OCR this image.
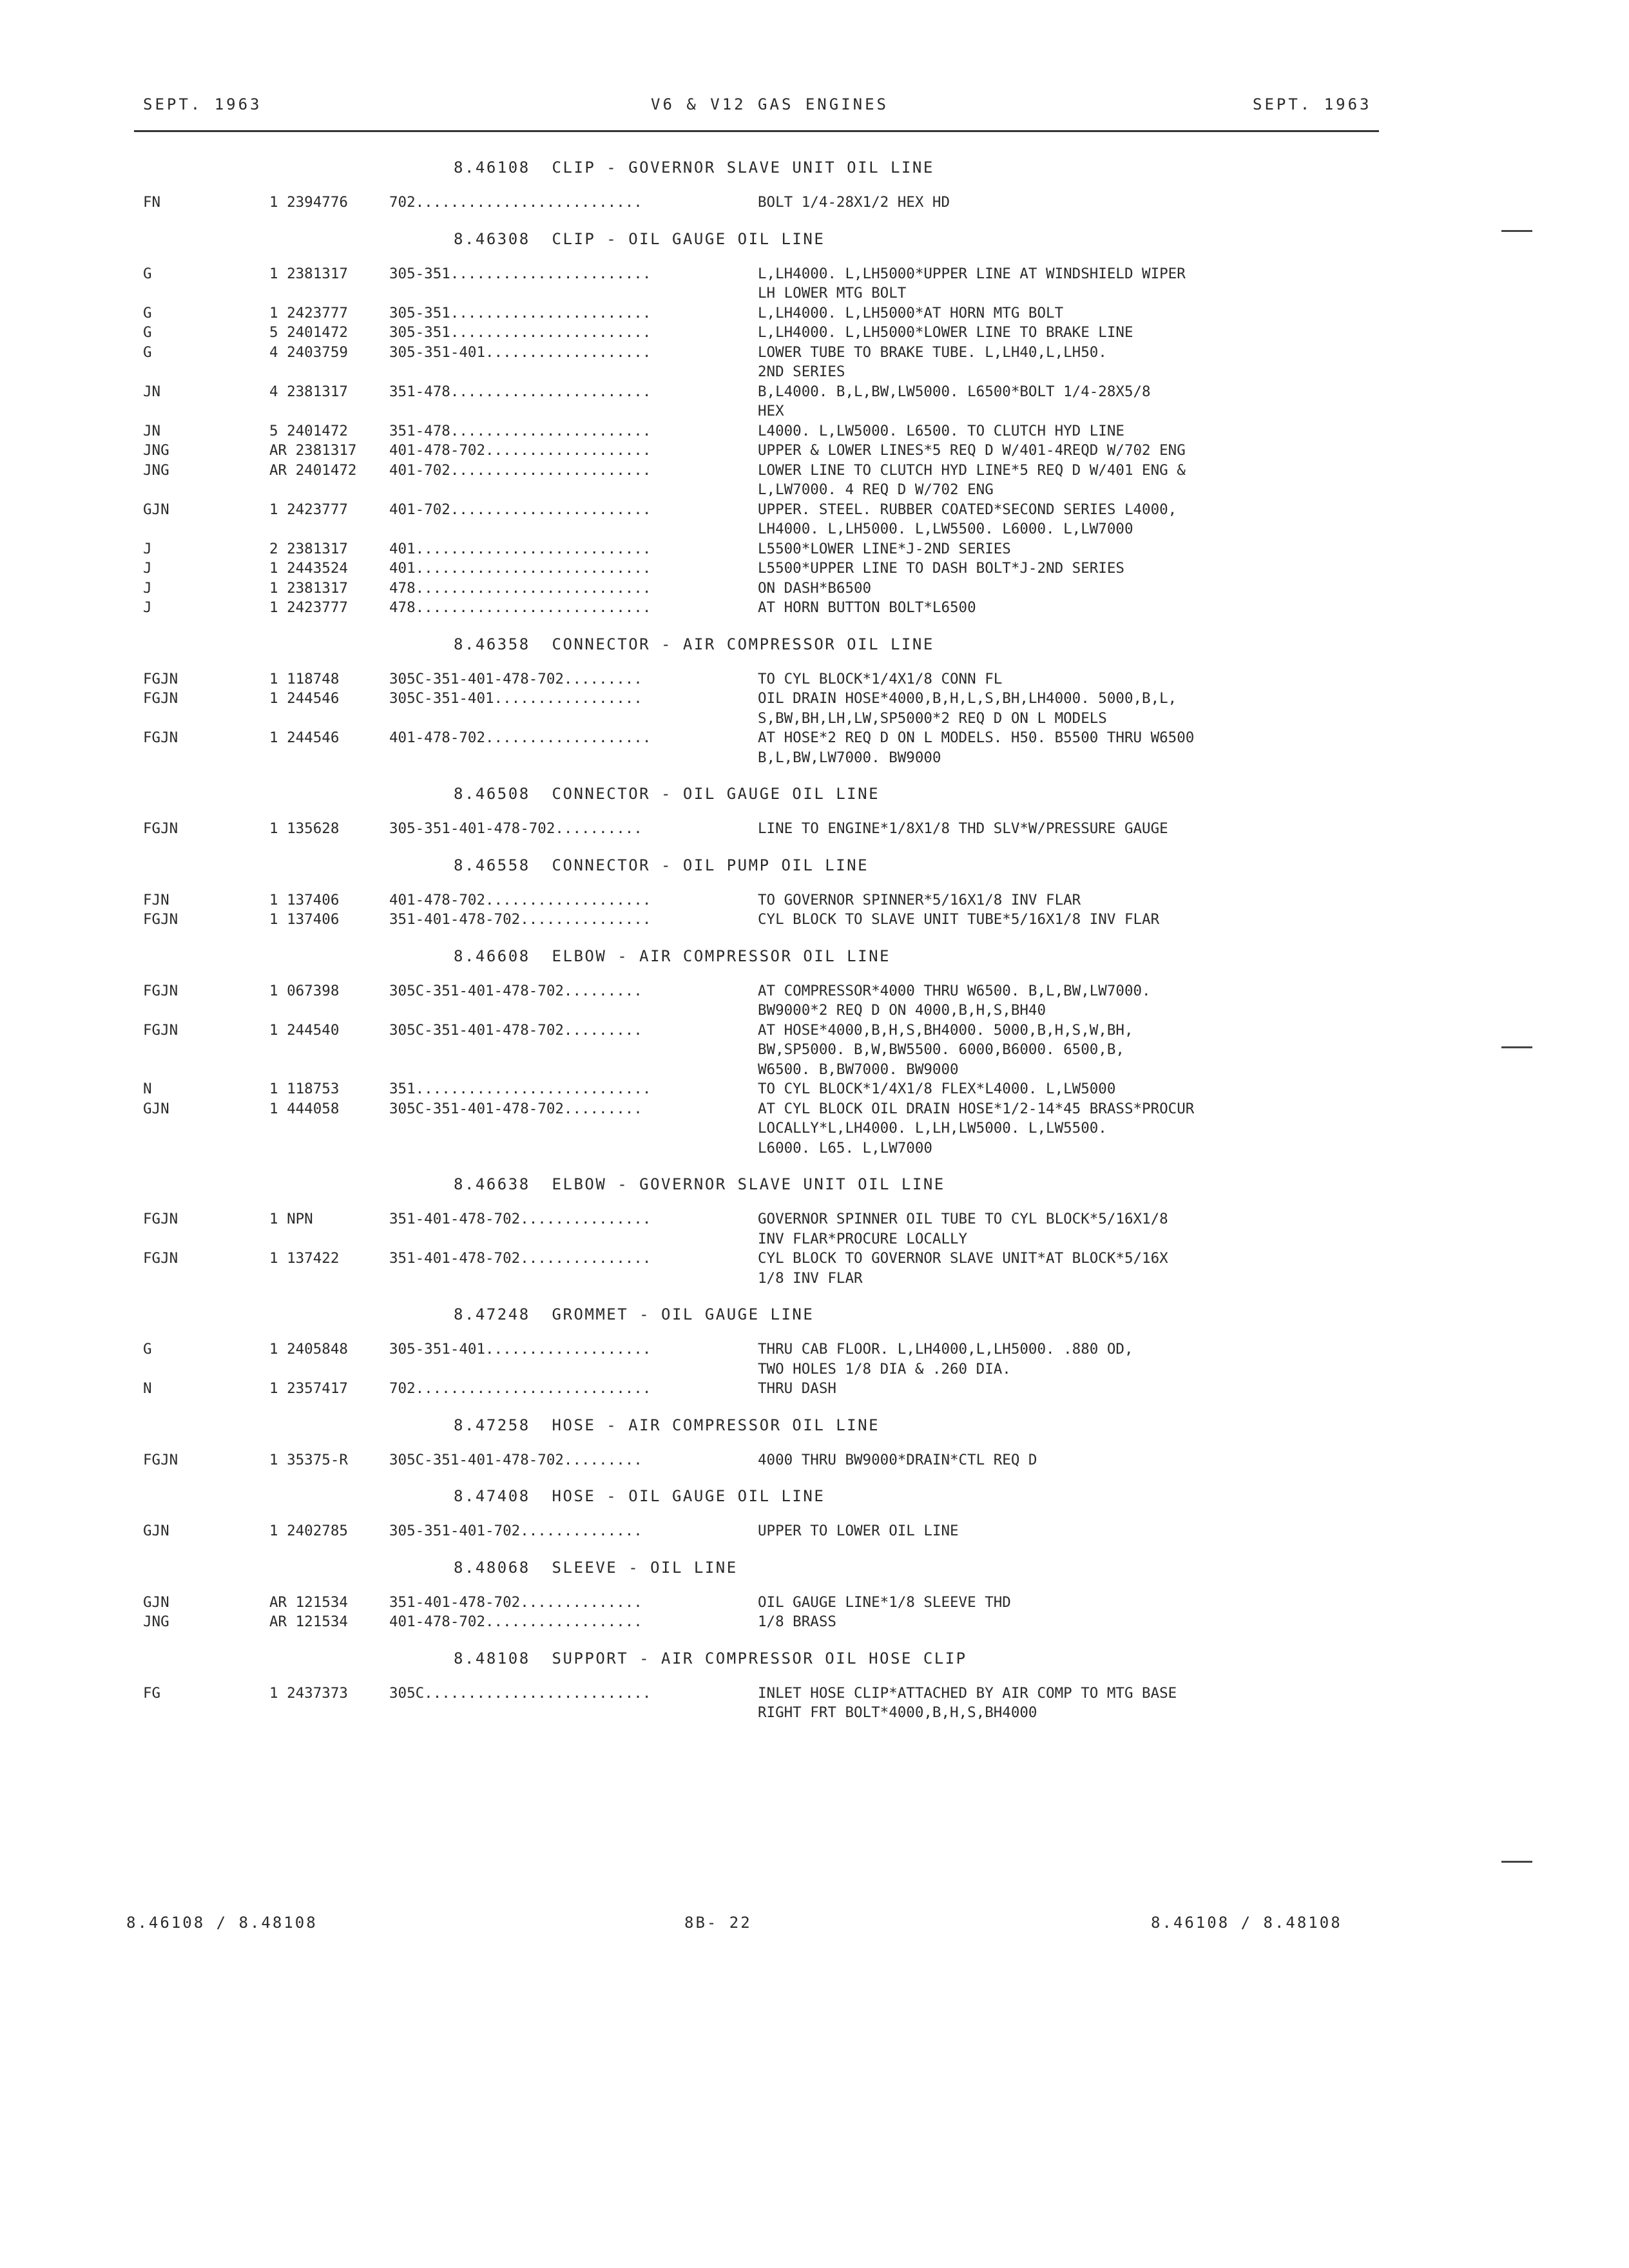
SEPT. 1963	V6 & V12 GAS ENGINES	SEPT. 1963
8.46108  CLIP - GOVERNOR SLAVE UNIT OIL LINE
FN	1 2394776	702..........................	BOLT 1/4-28X1/2 HEX HD
8.46308  CLIP - OIL GAUGE OIL LINE
G	1 2381317	305-351.......................	L,LH4000. L,LH5000*UPPER LINE AT WINDSHIELD WIPER
LH LOWER MTG BOLT
G	1 2423777	305-351.......................	L,LH4000. L,LH5000*AT HORN MTG BOLT
G	5 2401472	305-351.......................	L,LH4000. L,LH5000*LOWER LINE TO BRAKE LINE
G	4 2403759	305-351-401...................	LOWER TUBE TO BRAKE TUBE. L,LH40,L,LH50.
2ND SERIES
JN	4 2381317	351-478.......................	B,L4000. B,L,BW,LW5000. L6500*BOLT 1/4-28X5/8
HEX
JN	5 2401472	351-478.......................	L4000. L,LW5000. L6500. TO CLUTCH HYD LINE
JNG	AR 2381317 401-478-702...................	UPPER & LOWER LINES*5 REQ D W/401-4REQD W/702 ENG
JNG	AR 2401472 401-702.......................	LOWER LINE TO CLUTCH HYD LINE*5 REQ D W/401 ENG &
L,LW7000. 4 REQ D W/702 ENG
GJN	1 2423777	401-702.......................	UPPER. STEEL. RUBBER COATED*SECOND SERIES L4000,
LH4000. L,LH5000. L,LW5500. L6000. L,LW7000
J	2 2381317	401...........................	L5500*LOWER LINE*J-2ND SERIES
J	1 2443524	401...........................	L5500*UPPER LINE TO DASH BOLT*J-2ND SERIES
J	1 2381317	478...........................	ON DASH*B6500
J	1 2423777	478...........................	AT HORN BUTTON BOLT*L6500
8.46358  CONNECTOR - AIR COMPRESSOR OIL LINE
FGJN	1 118748	305C-351-401-478-702.........	TO CYL BLOCK*1/4X1/8 CONN FL
FGJN	1 244546	305C-351-401.................	OIL DRAIN HOSE*4000,B,H,L,S,BH,LH4000. 5000,B,L,
S,BW,BH,LH,LW,SP5000*2 REQ D ON L MODELS
FGJN	1 244546	401-478-702...................	AT HOSE*2 REQ D ON L MODELS. H50. B5500 THRU W6500
B,L,BW,LW7000. BW9000
8.46508  CONNECTOR - OIL GAUGE OIL LINE
FGJN	1 135628	305-351-401-478-702..........	LINE TO ENGINE*1/8X1/8 THD SLV*W/PRESSURE GAUGE
8.46558  CONNECTOR - OIL PUMP OIL LINE
FJN	1 137406	401-478-702...................	TO GOVERNOR SPINNER*5/16X1/8 INV FLAR
FGJN	1 137406	351-401-478-702...............	CYL BLOCK TO SLAVE UNIT TUBE*5/16X1/8 INV FLAR
8.46608  ELBOW - AIR COMPRESSOR OIL LINE
FGJN	1 067398	305C-351-401-478-702.........	AT COMPRESSOR*4000 THRU W6500. B,L,BW,LW7000.
BW9000*2 REQ D ON 4000,B,H,S,BH40
FGJN	1 244540	305C-351-401-478-702.........	AT HOSE*4000,B,H,S,BH4000. 5000,B,H,S,W,BH,
BW,SP5000. B,W,BW5500. 6000,B6000. 6500,B,
W6500. B,BW7000. BW9000
N	1 118753	351...........................	TO CYL BLOCK*1/4X1/8 FLEX*L4000. L,LW5000
GJN	1 444058	305C-351-401-478-702.........	AT CYL BLOCK OIL DRAIN HOSE*1/2-14*45 BRASS*PROCUR
LOCALLY*L,LH4000. L,LH,LW5000. L,LW5500.
L6000. L65. L,LW7000
8.46638  ELBOW - GOVERNOR SLAVE UNIT OIL LINE
FGJN	1 NPN	351-401-478-702...............	GOVERNOR SPINNER OIL TUBE TO CYL BLOCK*5/16X1/8
INV FLAR*PROCURE LOCALLY
FGJN	1 137422	351-401-478-702...............	CYL BLOCK TO GOVERNOR SLAVE UNIT*AT BLOCK*5/16X
1/8 INV FLAR
8.47248  GROMMET - OIL GAUGE LINE
G	1 2405848	305-351-401...................	THRU CAB FLOOR. L,LH4000,L,LH5000. .880 OD,
TWO HOLES 1/8 DIA & .260 DIA.
N	1 2357417	702...........................	THRU DASH
8.47258  HOSE - AIR COMPRESSOR OIL LINE
FGJN	1 35375-R	305C-351-401-478-702.........	4000 THRU BW9000*DRAIN*CTL REQ D
8.47408  HOSE - OIL GAUGE OIL LINE
GJN	1 2402785	305-351-401-702..............	UPPER TO LOWER OIL LINE
8.48068  SLEEVE - OIL LINE
GJN	AR 121534	351-401-478-702..............	OIL GAUGE LINE*1/8 SLEEVE THD
JNG	AR 121534	401-478-702..................	1/8 BRASS
8.48108  SUPPORT - AIR COMPRESSOR OIL HOSE CLIP
FG	1 2437373	305C..........................	INLET HOSE CLIP*ATTACHED BY AIR COMP TO MTG BASE
RIGHT FRT BOLT*4000,B,H,S,BH4000
8.46108 / 8.48108	8B- 22	8.46108 / 8.48108
